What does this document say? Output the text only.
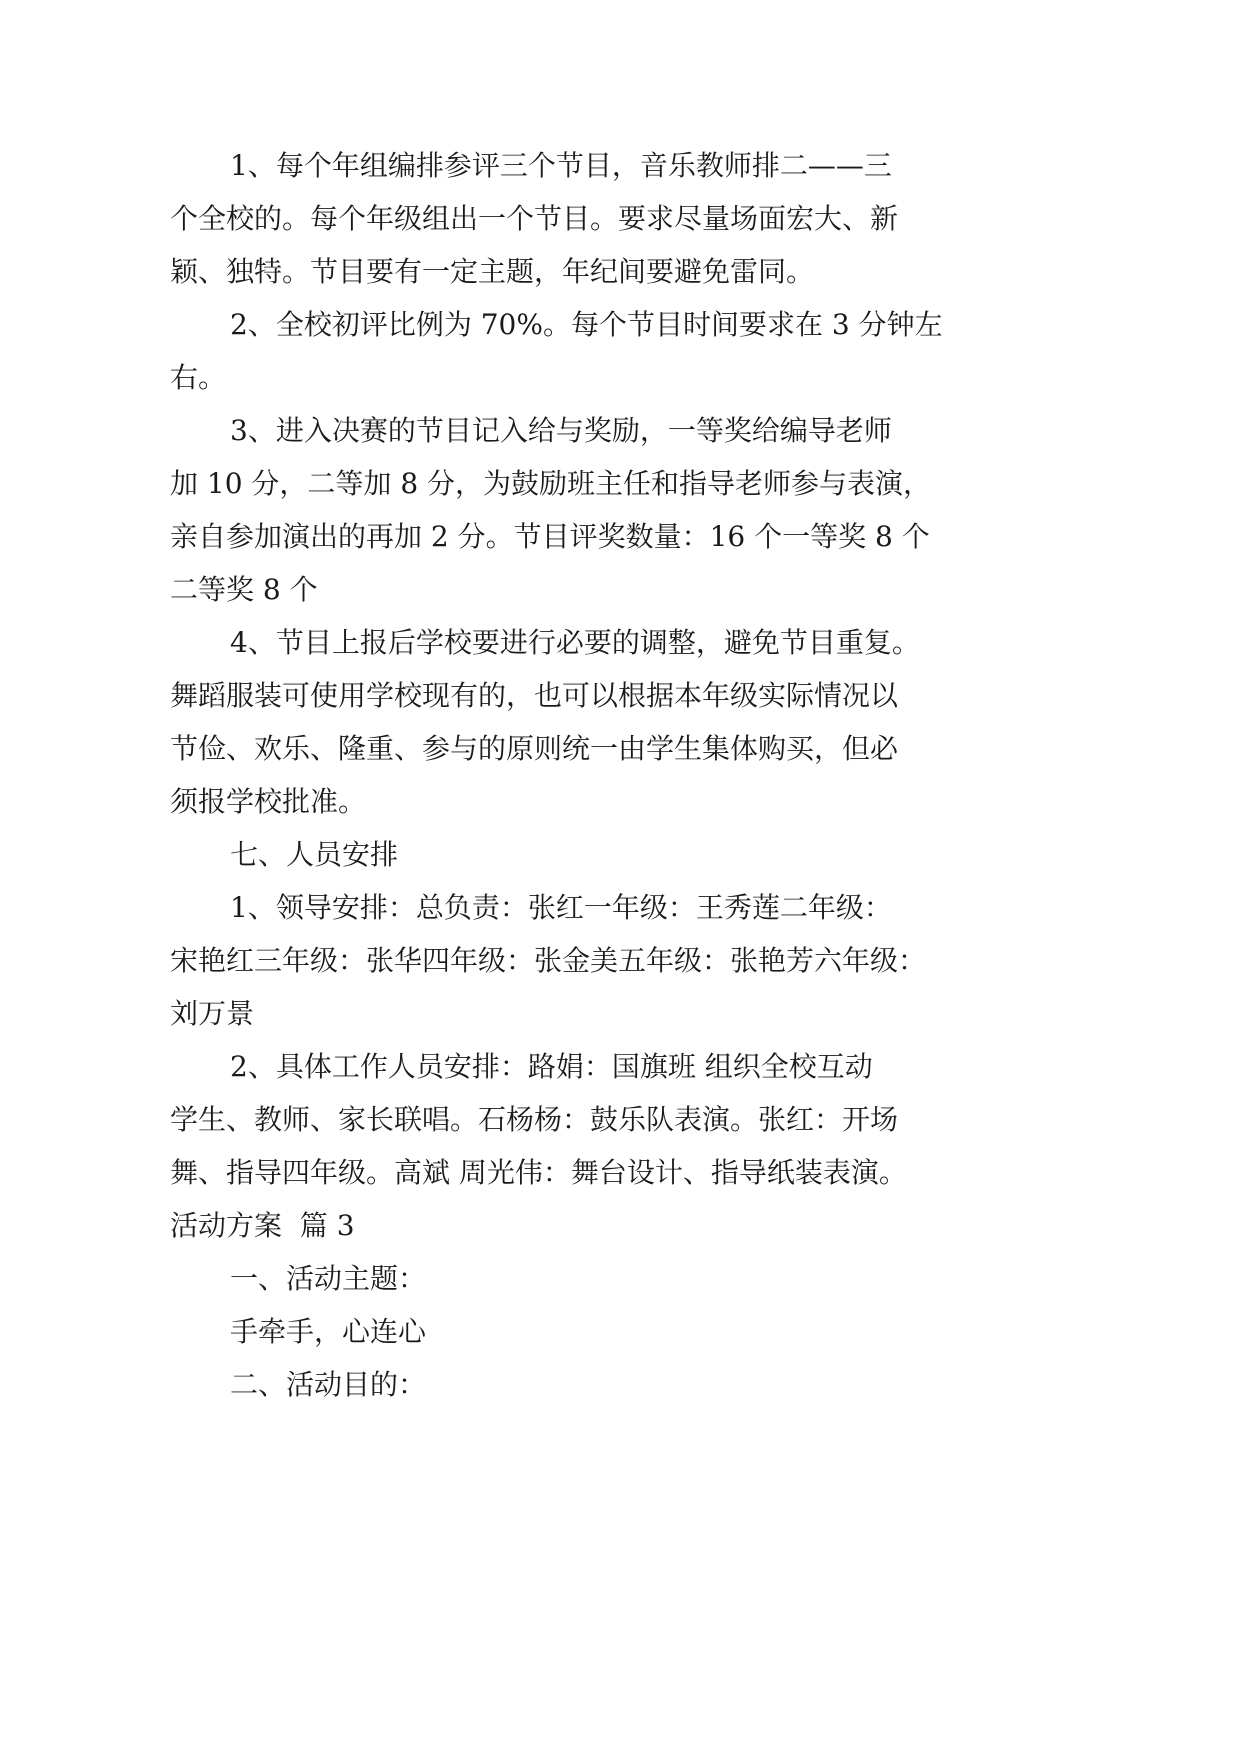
1、每个年组编排参评三个节目，音乐教师排二——三
个全校的。每个年级组出一个节目。要求尽量场面宏大、新
颖、独特。节目要有一定主题，年纪间要避免雷同。
2、全校初评比例为 70%。每个节目时间要求在 3 分钟左
右。
3、进入决赛的节目记入给与奖励，一等奖给编导老师
加 10 分，二等加 8 分，为鼓励班主任和指导老师参与表演，
亲自参加演出的再加 2 分。节目评奖数量：16 个一等奖 8 个
二等奖 8 个
4、节目上报后学校要进行必要的调整，避免节目重复。
舞蹈服装可使用学校现有的，也可以根据本年级实际情况以
节俭、欢乐、隆重、参与的原则统一由学生集体购买，但必
须报学校批准。
七、人员安排
1、领导安排：总负责：张红一年级：王秀莲二年级：
宋艳红三年级：张华四年级：张金美五年级：张艳芳六年级：
刘万景
2、具体工作人员安排：路娟：国旗班 组织全校互动
学生、教师、家长联唱。石杨杨：鼓乐队表演。张红：开场
舞、指导四年级。高斌 周光伟：舞台设计、指导纸装表演。
活动方案  篇 3
一、活动主题：
手牵手，心连心
二、活动目的：
